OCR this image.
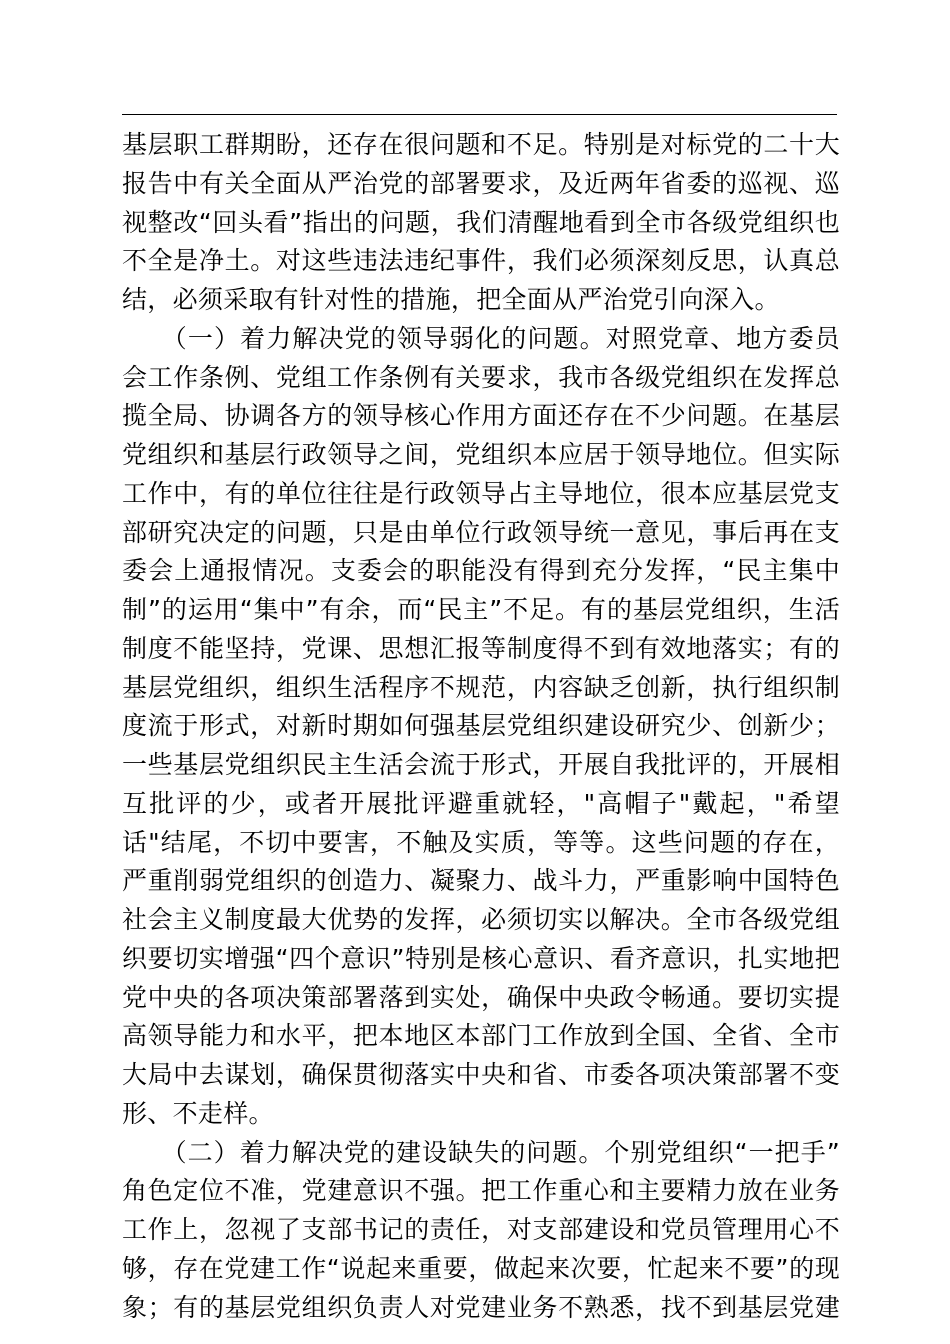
基层职工群期盼，还存在很问题和不足。特别是对标党的二十大
报告中有关全面从严治党的部署要求，及近两年省委的巡视、巡
视整改“回头看”指出的问题，我们清醒地看到全市各级党组织也
不全是净土。对这些违法违纪事件，我们必须深刻反思，认真总
结，必须采取有针对性的措施，把全面从严治党引向深入。
　　（一）着力解决党的领导弱化的问题。对照党章、地方委员
会工作条例、党组工作条例有关要求，我市各级党组织在发挥总
揽全局、协调各方的领导核心作用方面还存在不少问题。在基层
党组织和基层行政领导之间，党组织本应居于领导地位。但实际
工作中，有的单位往往是行政领导占主导地位，很本应基层党支
部研究决定的问题，只是由单位行政领导统一意见，事后再在支
委会上通报情况。支委会的职能没有得到充分发挥，“民主集中
制”的运用“集中”有余，而“民主”不足。有的基层党组织，生活
制度不能坚持，党课、思想汇报等制度得不到有效地落实；有的
基层党组织，组织生活程序不规范，内容缺乏创新，执行组织制
度流于形式，对新时期如何强基层党组织建设研究少、创新少；
一些基层党组织民主生活会流于形式，开展自我批评的，开展相
互批评的少，或者开展批评避重就轻，"高帽子"戴起，"希望
话"结尾，不切中要害，不触及实质，等等。这些问题的存在，
严重削弱党组织的创造力、凝聚力、战斗力，严重影响中国特色
社会主义制度最大优势的发挥，必须切实以解决。全市各级党组
织要切实增强“四个意识”特别是核心意识、看齐意识，扎实地把
党中央的各项决策部署落到实处，确保中央政令畅通。要切实提
高领导能力和水平，把本地区本部门工作放到全国、全省、全市
大局中去谋划，确保贯彻落实中央和省、市委各项决策部署不变
形、不走样。
　　（二）着力解决党的建设缺失的问题。个别党组织“一把手”
角色定位不准，党建意识不强。把工作重心和主要精力放在业务
工作上，忽视了支部书记的责任，对支部建设和党员管理用心不
够，存在党建工作“说起来重要，做起来次要，忙起来不要”的现
象；有的基层党组织负责人对党建业务不熟悉，找不到基层党建
